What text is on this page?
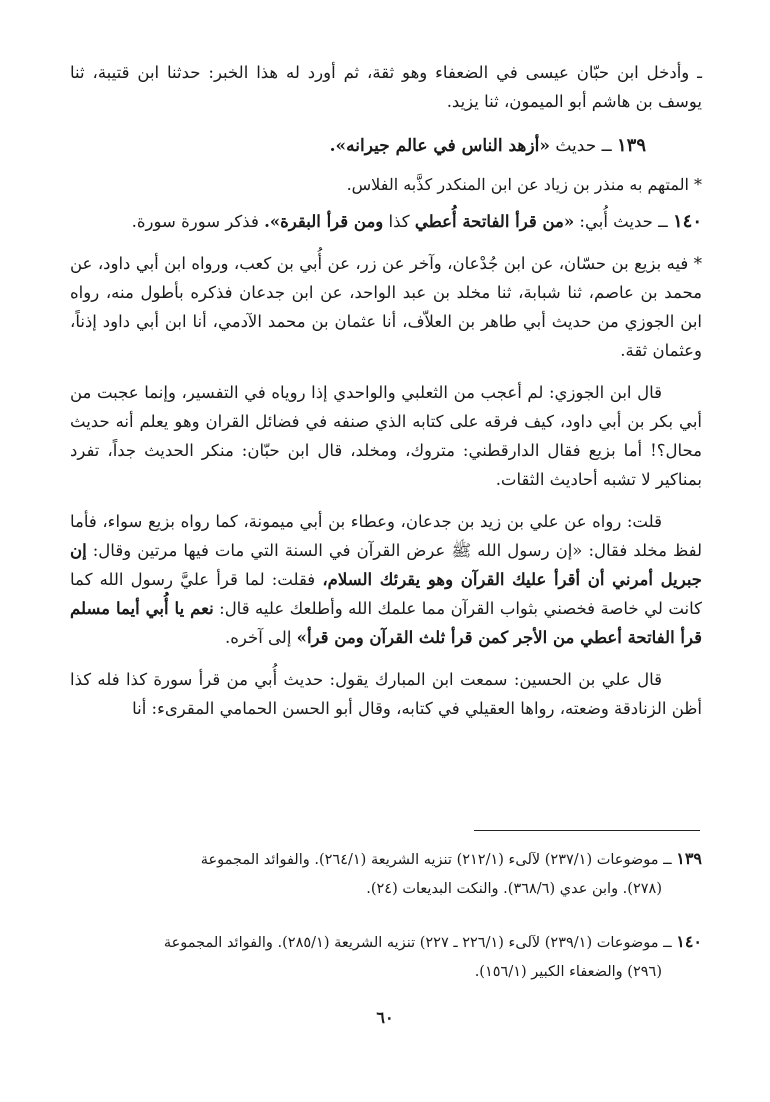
ـ وأدخل ابن حبّان عيسى في الضعفاء وهو ثقة، ثم أورد له هذا الخبر: حدثنا ابن قتيبة، ثنا يوسف بن هاشم أبو الميمون، ثنا يزيد.

١٣٩ ــ حديث «أزهد الناس في عالم جيرانه».

* المتهم به منذر بن زياد عن ابن المنكدر كذَّبه الفلاس.

١٤٠ ــ حديث أُبي: «من قرأ الفاتحة أُعطي كذا ومن قرأ البقرة». فذكر سورة سورة.

* فيه بزيع بن حسّان، عن ابن جُدْعان، وآخر عن زر، عن أُبي بن كعب، ورواه ابن أبي داود، عن محمد بن عاصم، ثنا شبابة، ثنا مخلد بن عبد الواحد، عن ابن جدعان فذكره بأطول منه، رواه ابن الجوزي من حديث أبي طاهر بن العلاّف، أنا عثمان بن محمد الآدمي، أنا ابن أبي داود إذناً، وعثمان ثقة.

قال ابن الجوزي: لم أعجب من الثعلبي والواحدي إذا روياه في التفسير، وإنما عجبت من أبي بكر بن أبي داود، كيف فرقه على كتابه الذي صنفه في فضائل القران وهو يعلم أنه حديث محال؟! أما بزيع فقال الدارقطني: متروك، ومخلد، قال ابن حبّان: منكر الحديث جداً، تفرد بمناكير لا تشبه أحاديث الثقات.

قلت: رواه عن علي بن زيد بن جدعان، وعطاء بن أبي ميمونة، كما رواه بزيع سواء، فأما لفظ مخلد فقال: «إن رسول الله ﷺ عرض القرآن في السنة التي مات فيها مرتين وقال: إن جبريل أمرني أن أقرأ عليك القرآن وهو يقرئك السلام، فقلت: لما قرأ عليَّ رسول الله كما كانت لي خاصة فخصني بثواب القرآن مما علمك الله وأطلعك عليه قال: نعم يا أُبي أيما مسلم قرأ الفاتحة أعطي من الأجر كمن قرأ ثلث القرآن ومن قرأ» إلى آخره.

قال علي بن الحسين: سمعت ابن المبارك يقول: حديث أُبي من قرأ سورة كذا فله كذا أظن الزنادقة وضعته، رواها العقيلي في كتابه، وقال أبو الحسن الحمامي المقرىء: أنا

١٣٩ ــ موضوعات (٢٣٧/١) لآلىء (٢١٢/١) تنزيه الشريعة (٢٦٤/١). والفوائد المجموعة

(٢٧٨). وابن عدي (٣٦٨/٦). والنكت البديعات (٢٤).

١٤٠ ــ موضوعات (٢٣٩/١) لآلىء (٢٢٦/١ ـ ٢٢٧) تنزيه الشريعة (٢٨٥/١). والفوائد المجموعة

(٢٩٦) والضعفاء الكبير (١٥٦/١).

٦٠
